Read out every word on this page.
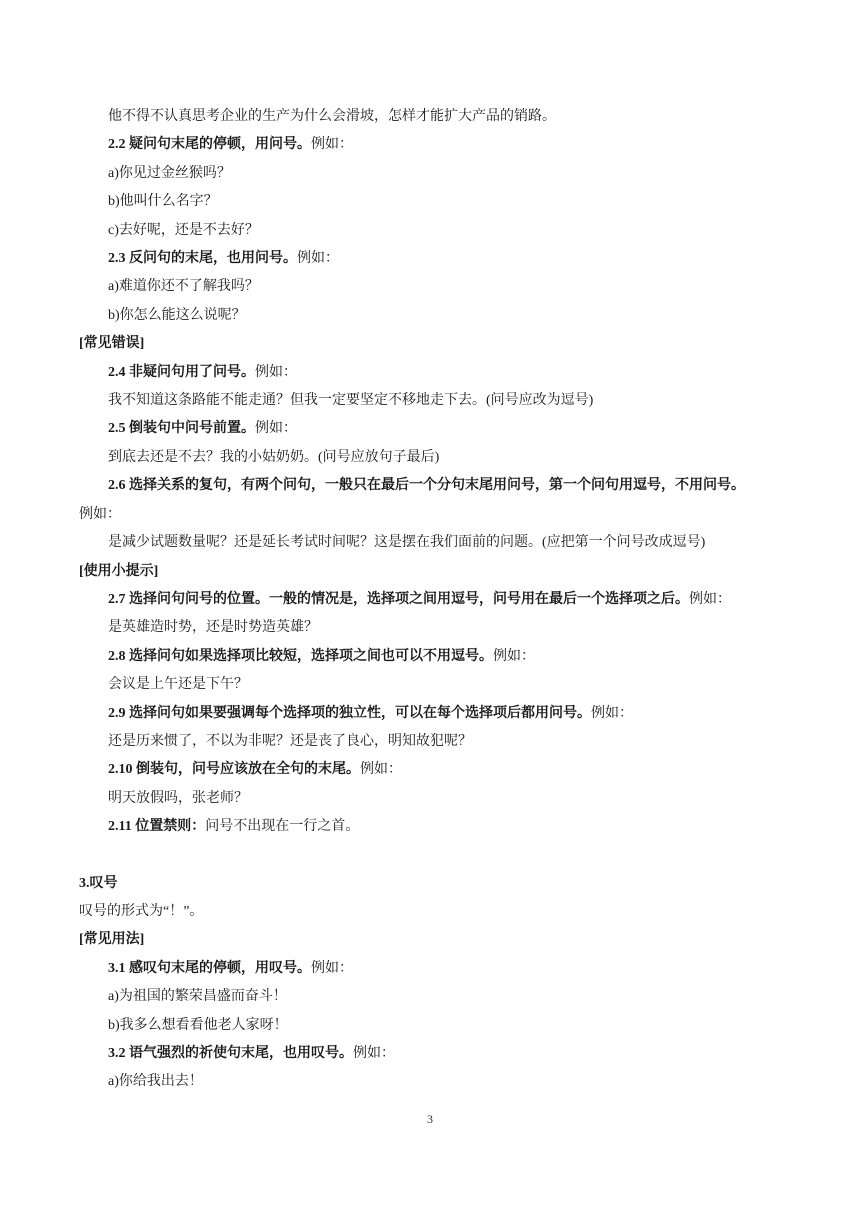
他不得不认真思考企业的生产为什么会滑坡，怎样才能扩大产品的销路。
2.2 疑问句末尾的停顿，用问号。例如：
a)你见过金丝猴吗？
b)他叫什么名字？
c)去好呢，还是不去好？
2.3 反问句的末尾，也用问号。例如：
a)难道你还不了解我吗？
b)你怎么能这么说呢？
[常见错误]
2.4 非疑问句用了问号。例如：
我不知道这条路能不能走通？但我一定要坚定不移地走下去。(问号应改为逗号)
2.5 倒装句中问号前置。例如：
到底去还是不去？我的小姑奶奶。(问号应放句子最后)
2.6 选择关系的复句，有两个问句，一般只在最后一个分句末尾用问号，第一个问句用逗号，不用问号。
例如：
是减少试题数量呢？还是延长考试时间呢？这是摆在我们面前的问题。(应把第一个问号改成逗号)
[使用小提示]
2.7 选择问句问号的位置。一般的情况是，选择项之间用逗号，问号用在最后一个选择项之后。例如：
是英雄造时势，还是时势造英雄？
2.8 选择问句如果选择项比较短，选择项之间也可以不用逗号。例如：
会议是上午还是下午？
2.9 选择问句如果要强调每个选择项的独立性，可以在每个选择项后都用问号。例如：
还是历来惯了，不以为非呢？还是丧了良心，明知故犯呢？
2.10 倒装句，问号应该放在全句的末尾。例如：
明天放假吗，张老师？
2.11 位置禁则：问号不出现在一行之首。
3.叹号
叹号的形式为“！”。
[常见用法]
3.1 感叹句末尾的停顿，用叹号。例如：
a)为祖国的繁荣昌盛而奋斗！
b)我多么想看看他老人家呀！
3.2 语气强烈的祈使句末尾，也用叹号。例如：
a)你给我出去！
3
